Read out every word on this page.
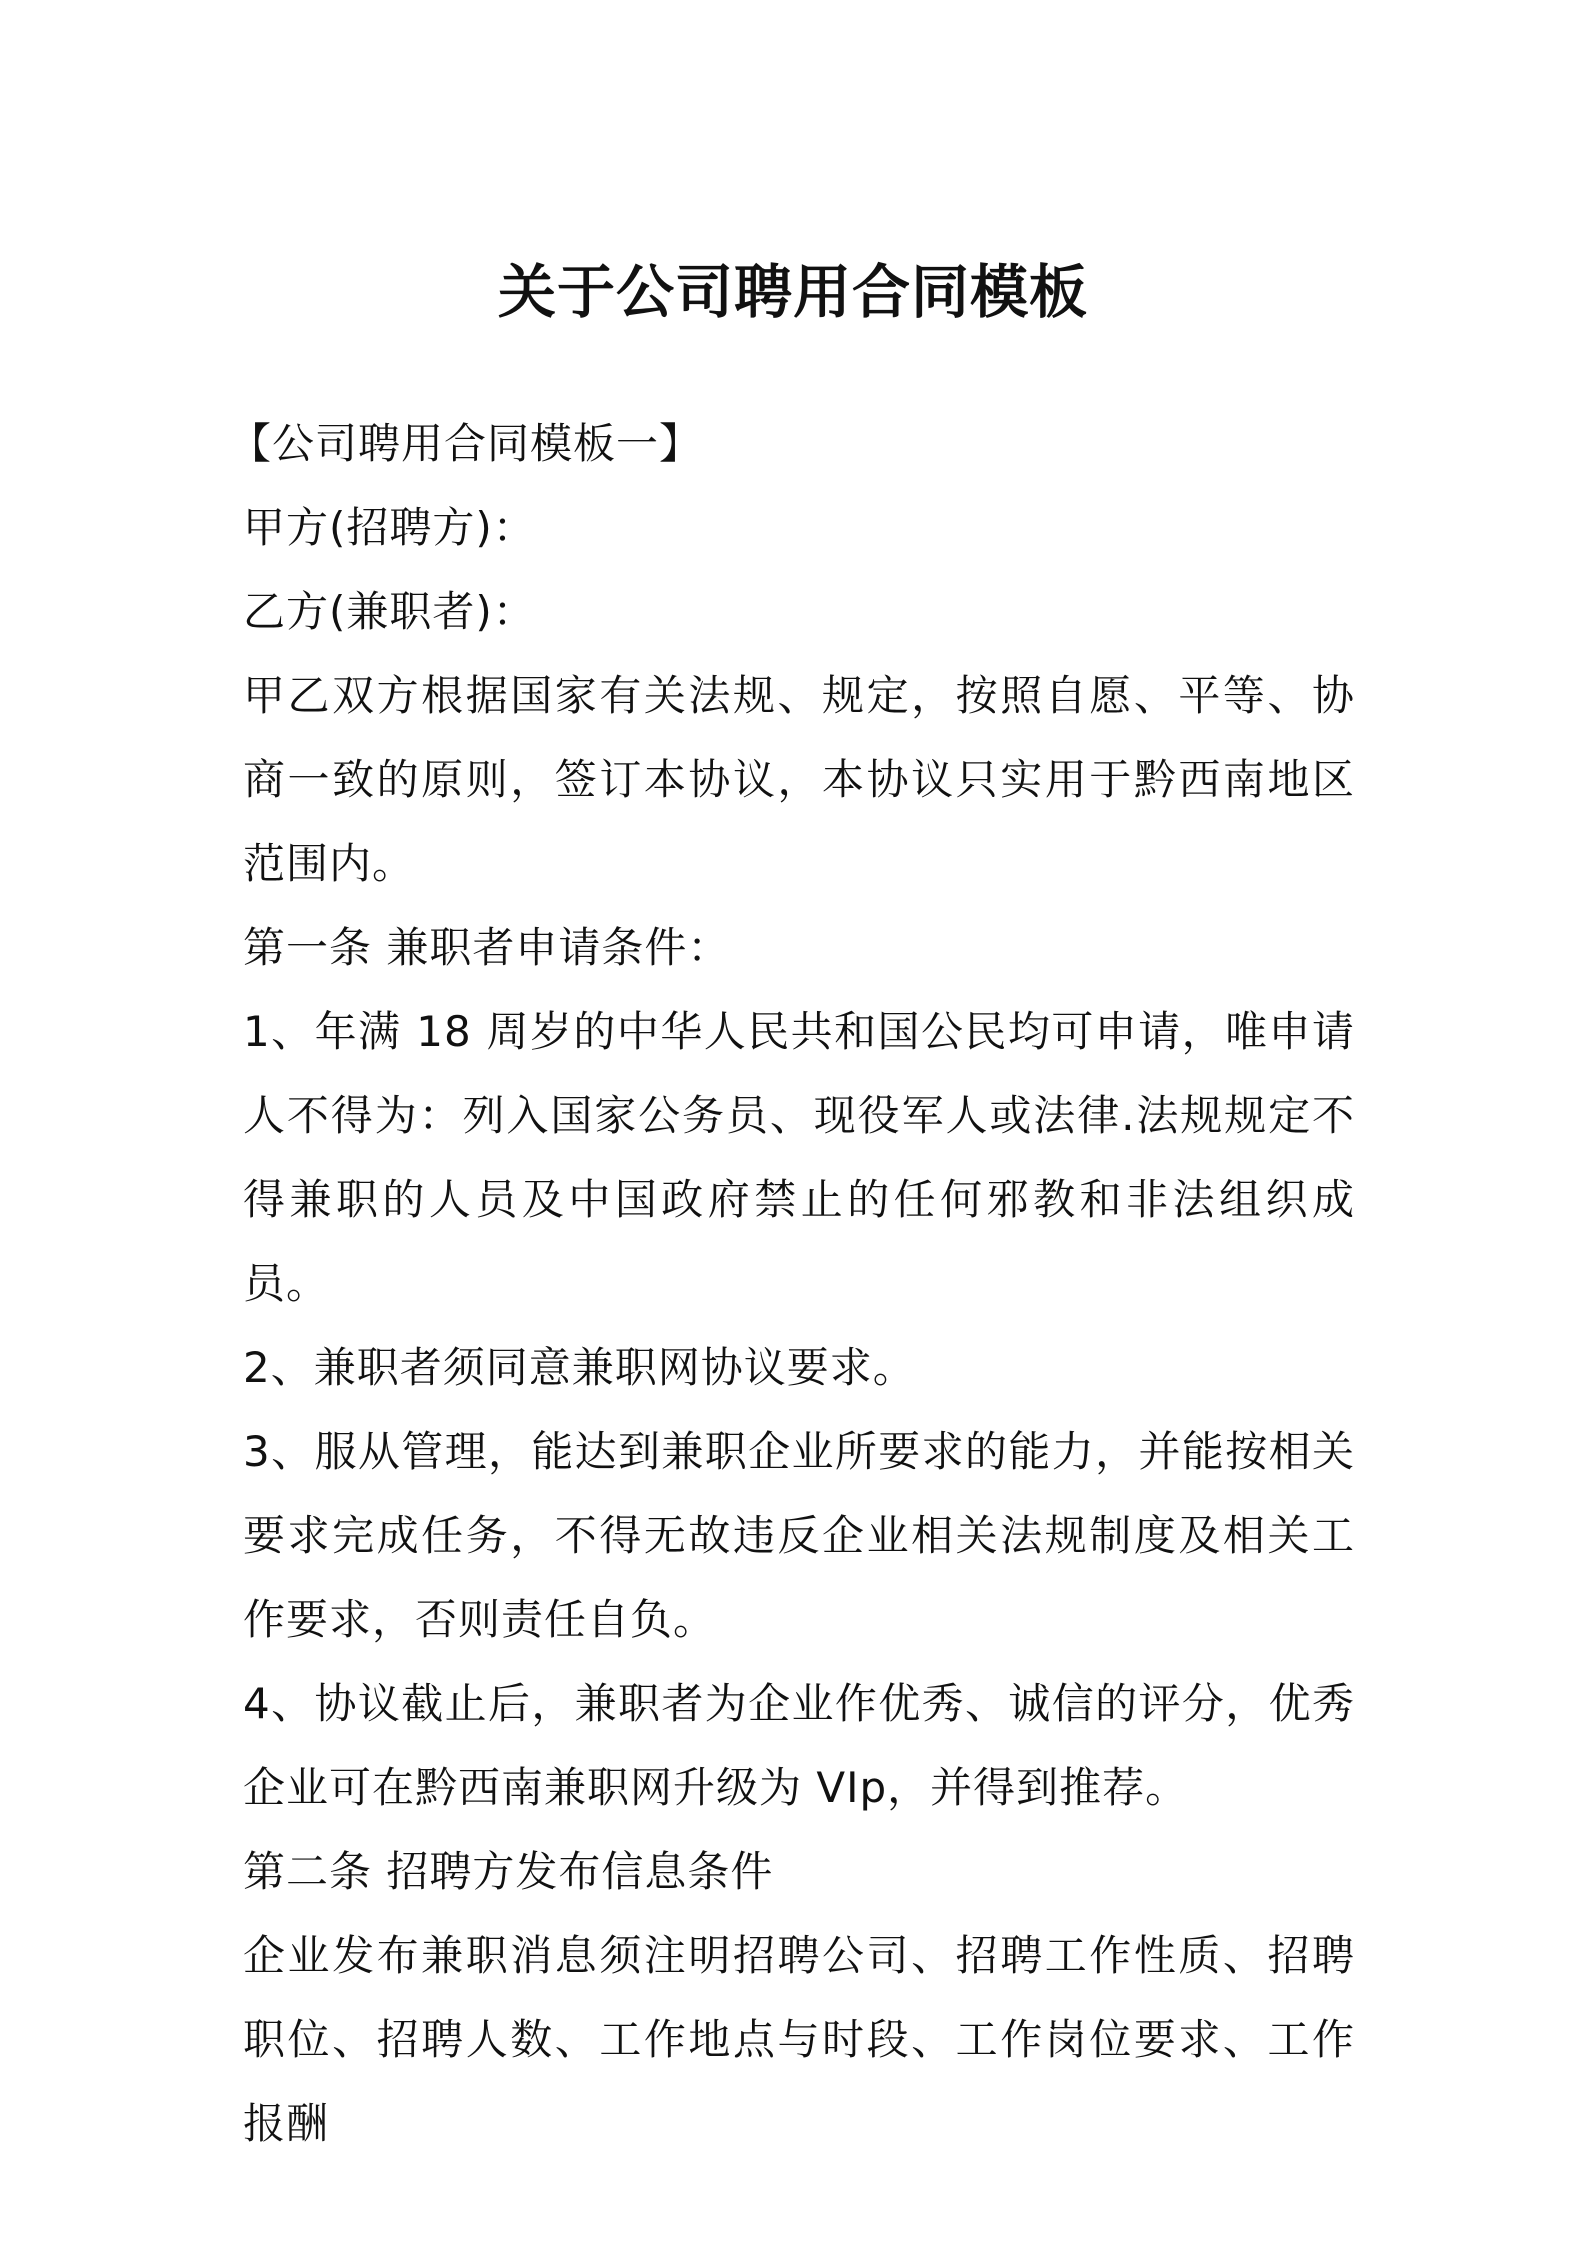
关于公司聘用合同模板

【公司聘用合同模板一】

甲方(招聘方)：

乙方(兼职者)：

甲乙双方根据国家有关法规、规定，按照自愿、平等、协商一致的原则，签订本协议，本协议只实用于黔西南地区范围内。

第一条 兼职者申请条件：

1、年满 18 周岁的中华人民共和国公民均可申请，唯申请人不得为：列入国家公务员、现役军人或法律.法规规定不得兼职的人员及中国政府禁止的任何邪教和非法组织成员。

2、兼职者须同意兼职网协议要求。

3、服从管理，能达到兼职企业所要求的能力，并能按相关要求完成任务，不得无故违反企业相关法规制度及相关工作要求，否则责任自负。

4、协议截止后，兼职者为企业作优秀、诚信的评分，优秀企业可在黔西南兼职网升级为 VIp，并得到推荐。

第二条 招聘方发布信息条件

企业发布兼职消息须注明招聘公司、招聘工作性质、招聘职位、招聘人数、工作地点与时段、工作岗位要求、工作报酬
